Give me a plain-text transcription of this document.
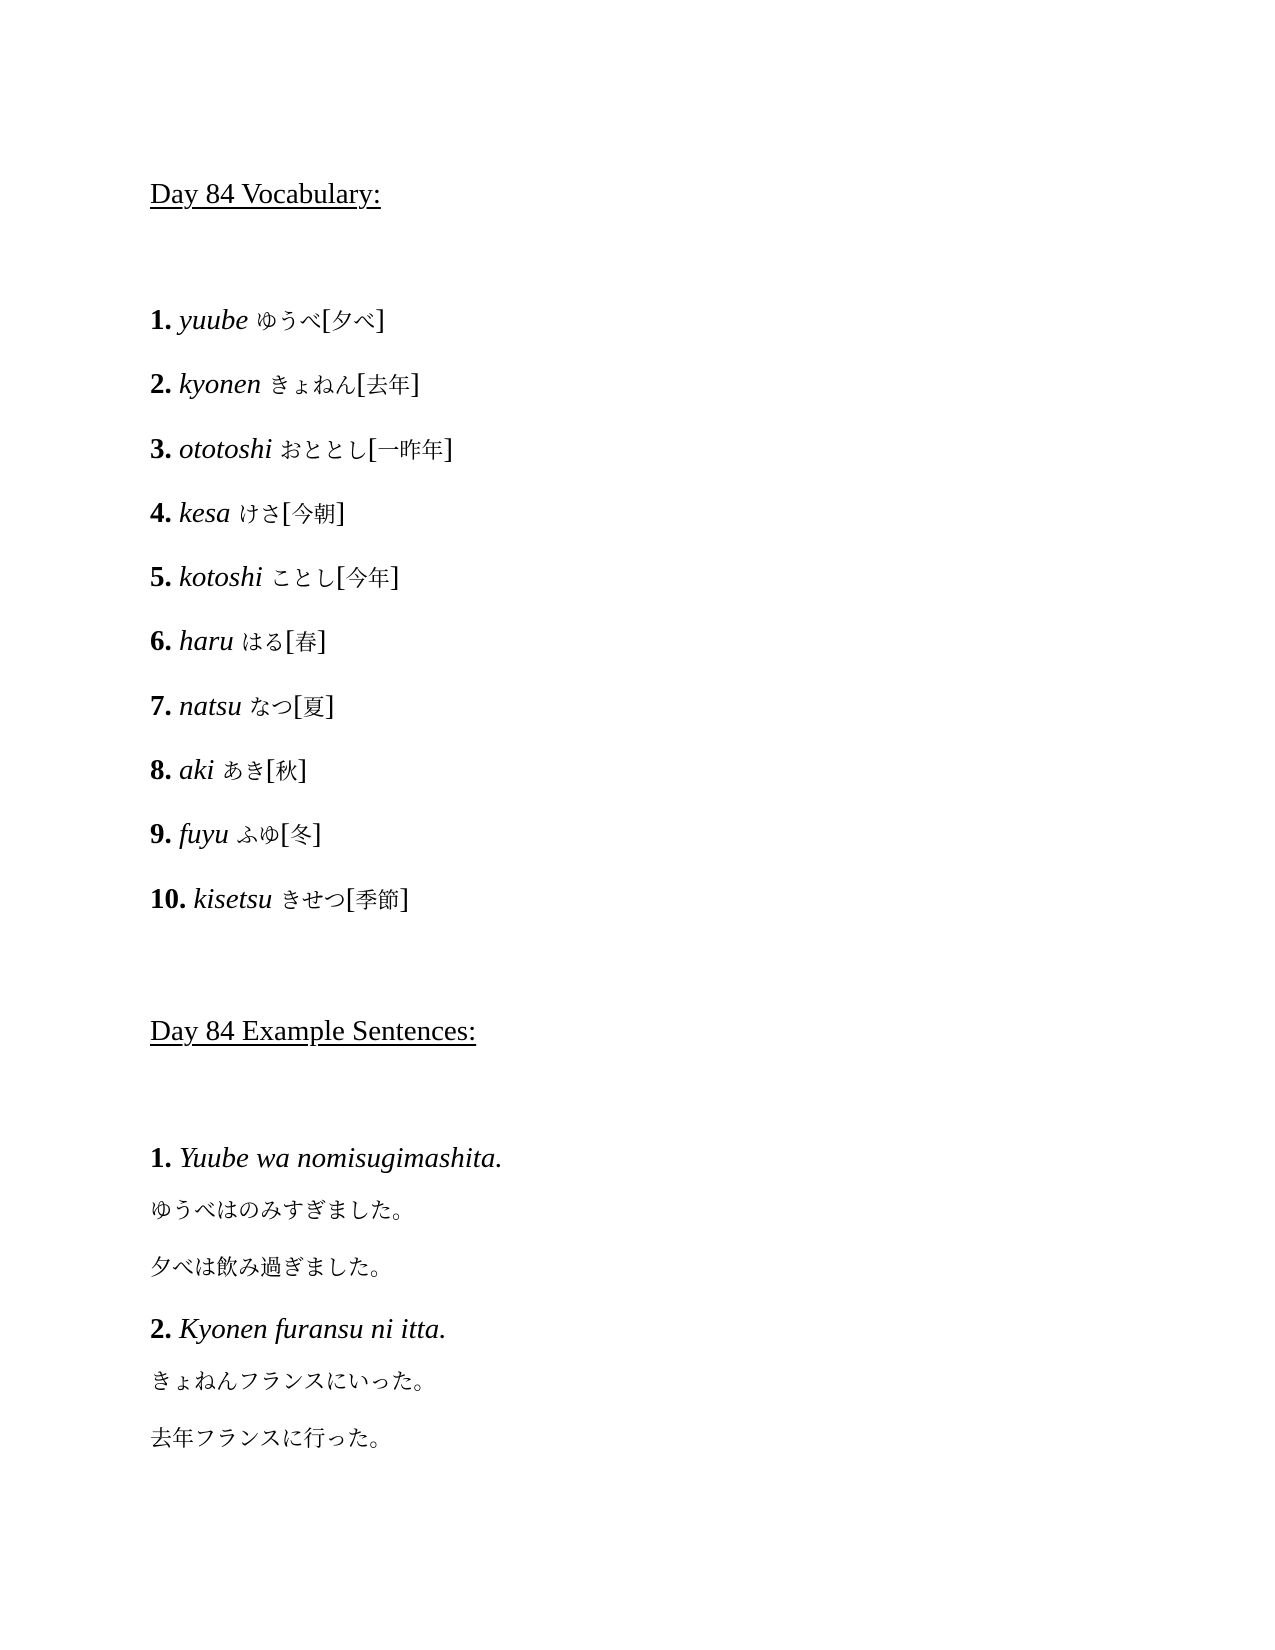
Day 84 Vocabulary:
1. yuube ゆうべ[夕べ]
2. kyonen きょねん[去年]
3. ototoshi おととし[一昨年]
4. kesa けさ[今朝]
5. kotoshi ことし[今年]
6. haru はる[春]
7. natsu なつ[夏]
8. aki あき[秋]
9. fuyu ふゆ[冬]
10. kisetsu きせつ[季節]
Day 84 Example Sentences:
1. Yuube wa nomisugimashita.
ゆうべはのみすぎました。
夕べは飲み過ぎました。
2. Kyonen furansu ni itta.
きょねんフランスにいった。
去年フランスに行った。
